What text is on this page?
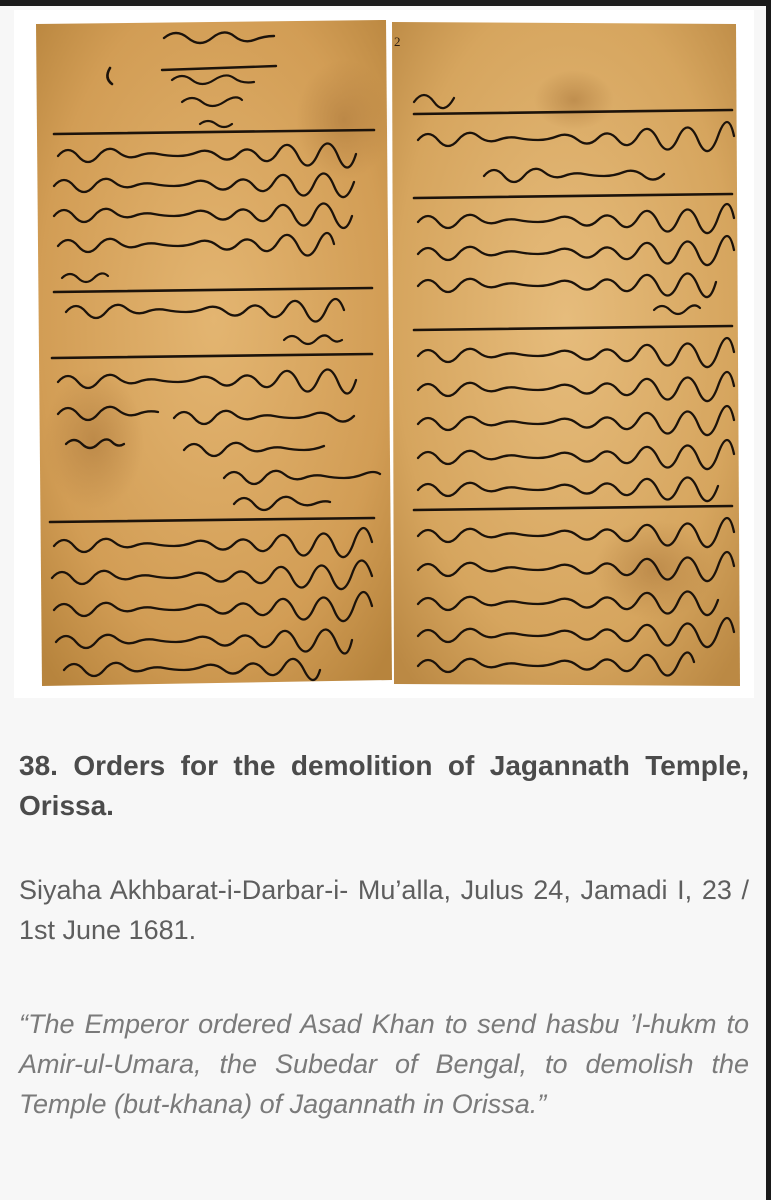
2
38. Orders for the demolition of Jagannath Temple, Orissa.
Siyaha Akhbarat-i-Darbar-i- Mu’alla, Julus 24, Jamadi I, 23 / 1st June 1681.
“The Emperor ordered Asad Khan to send hasbu ’l-hukm to Amir-ul-Umara, the Subedar of Bengal, to demolish the Temple (but-khana) of Jagannath in Orissa.”
